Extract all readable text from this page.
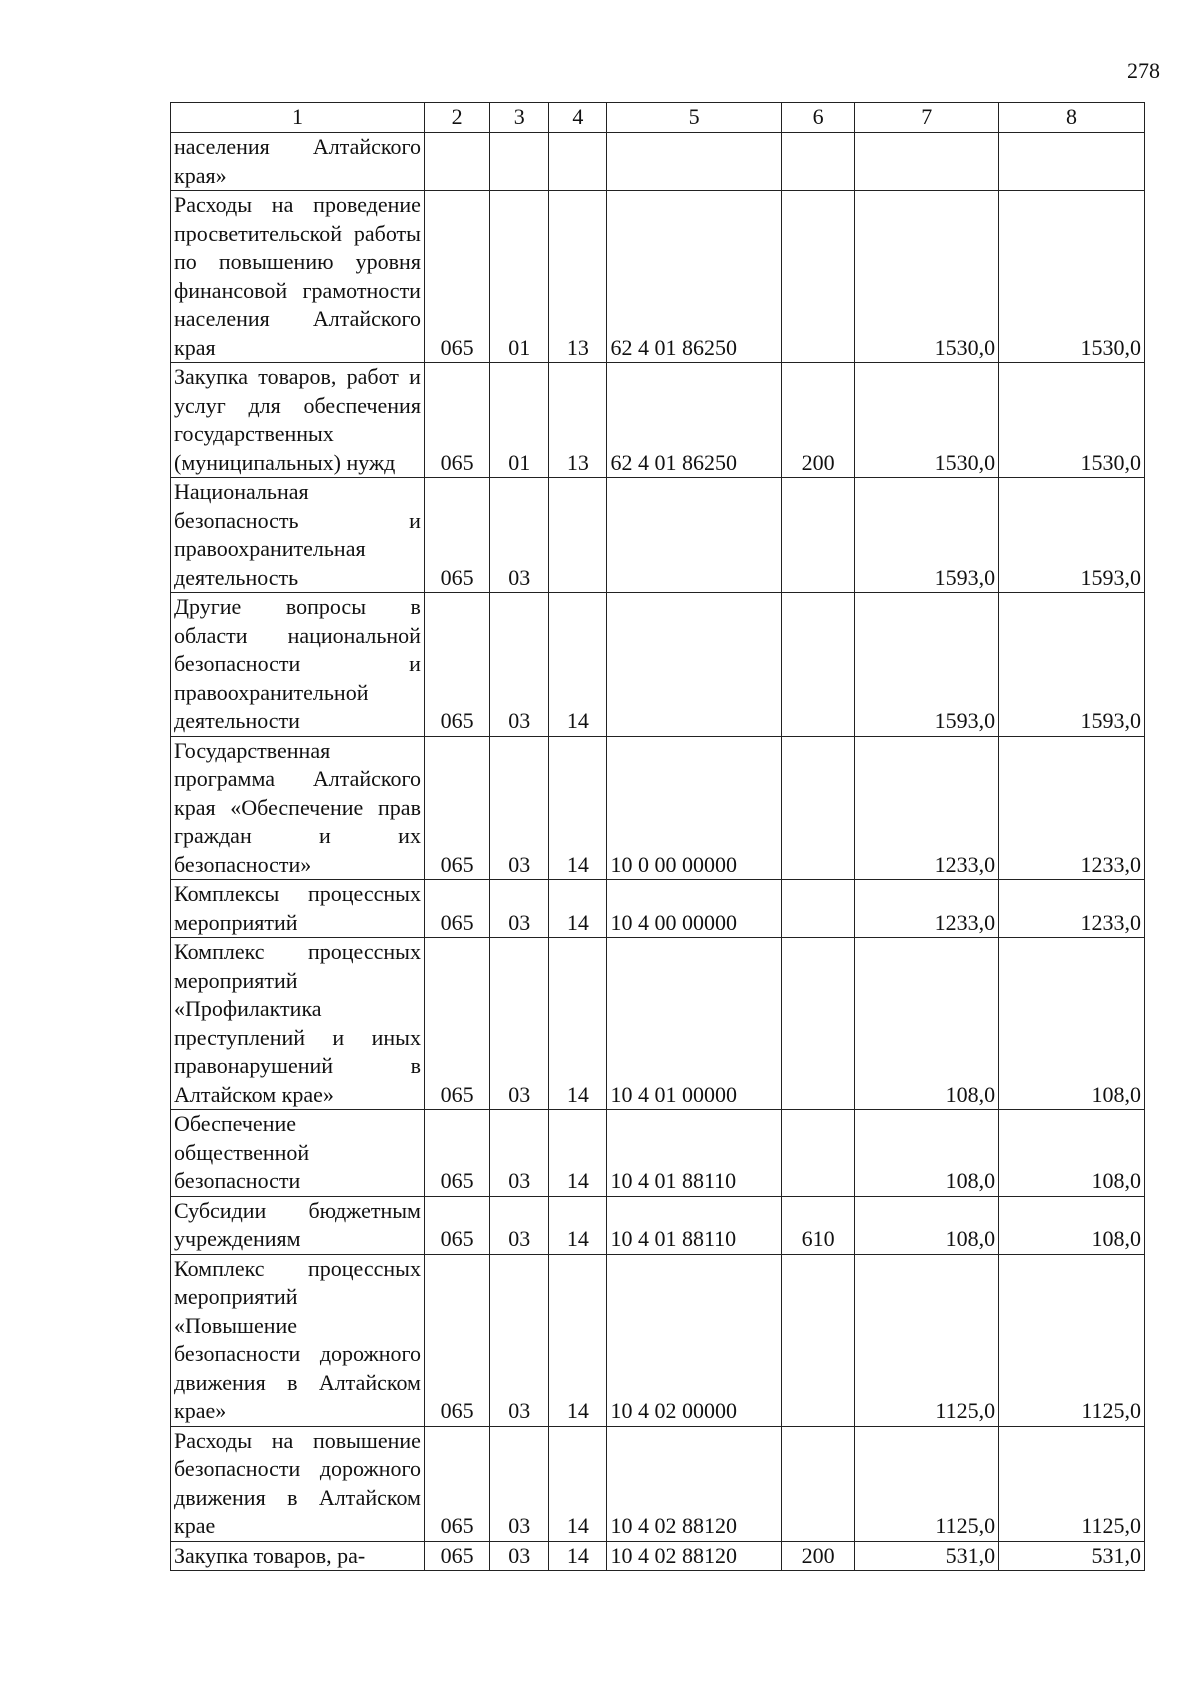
278
1	2	3	4	5	6	7	8
населения Алтайского края»							
Расходы на проведение просветительской работы по повышению уровня финансовой грамотности населения Алтайского края	065	01	13	62 4 01 86250		1530,0	1530,0
Закупка товаров, работ и услуг для обеспечения государственных (муниципальных) нужд	065	01	13	62 4 01 86250	200	1530,0	1530,0
Национальная безопасность и правоохранительная деятельность	065	03				1593,0	1593,0
Другие вопросы в области национальной безопасности и правоохранительной деятельности	065	03	14			1593,0	1593,0
Государственная программа Алтайского края «Обеспечение прав граждан и их безопасности»	065	03	14	10 0 00 00000		1233,0	1233,0
Комплексы процессных мероприятий	065	03	14	10 4 00 00000		1233,0	1233,0
Комплекс процессных мероприятий «Профилактика преступлений и иных правонарушений в Алтайском крае»	065	03	14	10 4 01 00000		108,0	108,0
Обеспечение общественной безопасности	065	03	14	10 4 01 88110		108,0	108,0
Субсидии бюджетным учреждениям	065	03	14	10 4 01 88110	610	108,0	108,0
Комплекс процессных мероприятий «Повышение безопасности дорожного движения в Алтайском крае»	065	03	14	10 4 02 00000		1125,0	1125,0
Расходы на повышение безопасности дорожного движения в Алтайском крае	065	03	14	10 4 02 88120		1125,0	1125,0
Закупка товаров, ра-	065	03	14	10 4 02 88120	200	531,0	531,0
